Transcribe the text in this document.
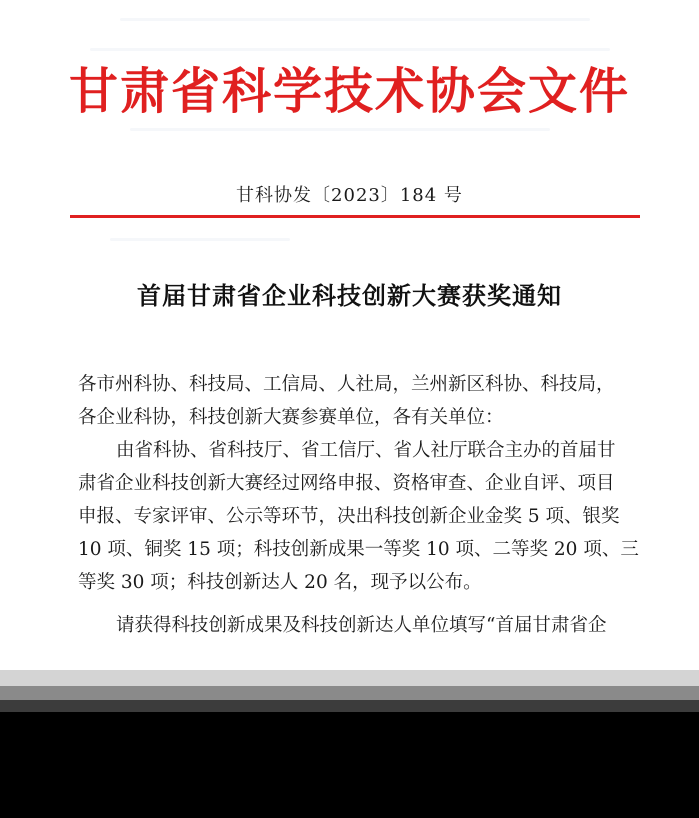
甘肃省科学技术协会文件
甘科协发〔2023〕184 号
首届甘肃省企业科技创新大赛获奖通知
各市州科协、科技局、工信局、人社局，兰州新区科协、科技局，
各企业科协，科技创新大赛参赛单位，各有关单位：
由省科协、省科技厅、省工信厅、省人社厅联合主办的首届甘
肃省企业科技创新大赛经过网络申报、资格审查、企业自评、项目
申报、专家评审、公示等环节，决出科技创新企业金奖 5 项、银奖
10 项、铜奖 15 项；科技创新成果一等奖 10 项、二等奖 20 项、三
等奖 30 项；科技创新达人 20 名，现予以公布。
请获得科技创新成果及科技创新达人单位填写“首届甘肃省企
